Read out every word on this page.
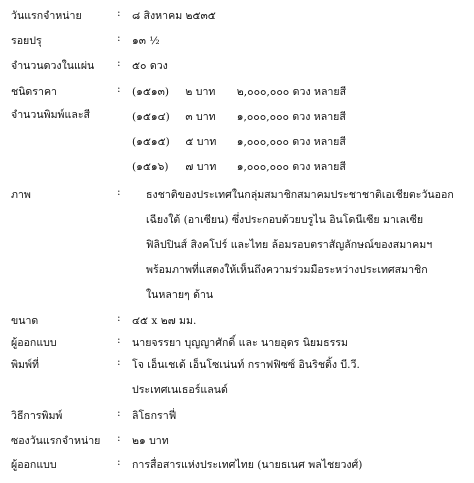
วันแรกจำหน่าย	: ๘ สิงหาคม ๒๕๓๕
รอยปรุ	: ๑๓ ½
จำนวนดวงในแผ่น : ๕๐ ดวง
ชนิดราคา	: (๑๕๑๓) ๒ บาท ๒,๐๐๐,๐๐๐ ดวง หลายสี
จำนวนพิมพ์และสี	(๑๕๑๔) ๓ บาท ๑,๐๐๐,๐๐๐ ดวง หลายสี
(๑๕๑๕) ๕ บาท ๑,๐๐๐,๐๐๐ ดวง หลายสี
(๑๕๑๖) ๗ บาท ๑,๐๐๐,๐๐๐ ดวง หลายสี
ภาพ	: ธงชาติของประเทศในกลุ่มสมาชิกสมาคมประชาชาติเอเชียตะวันออก
เฉียงใต้ (อาเซียน) ซึ่งประกอบด้วยบรูไน อินโดนีเซีย มาเลเซีย
ฟิลิปปินส์ สิงคโปร์ และไทย ล้อมรอบตราสัญลักษณ์ของสมาคมฯ
พร้อมภาพที่แสดงให้เห็นถึงความร่วมมือระหว่างประเทศสมาชิก
ในหลายๆ ด้าน
ขนาด	: ๔๕ x ๒๗ มม.
ผู้ออกแบบ	: นายจรรยา บุญญาศักดิ์ และ นายอุดร นิยมธรรม
พิมพ์ที่	: โจ เอ็นเชเด้ เอ็นโซเน่นท์ กราฟฟิซซ์ อินริชติ้ง บี.วี.
ประเทศเนเธอร์แลนด์
วิธีการพิมพ์	: ลิโธกราฟี่
ซองวันแรกจำหน่าย : ๒๑ บาท
ผู้ออกแบบ	: การสื่อสารแห่งประเทศไทย (นายธเนศ พลไชยวงศ์)
